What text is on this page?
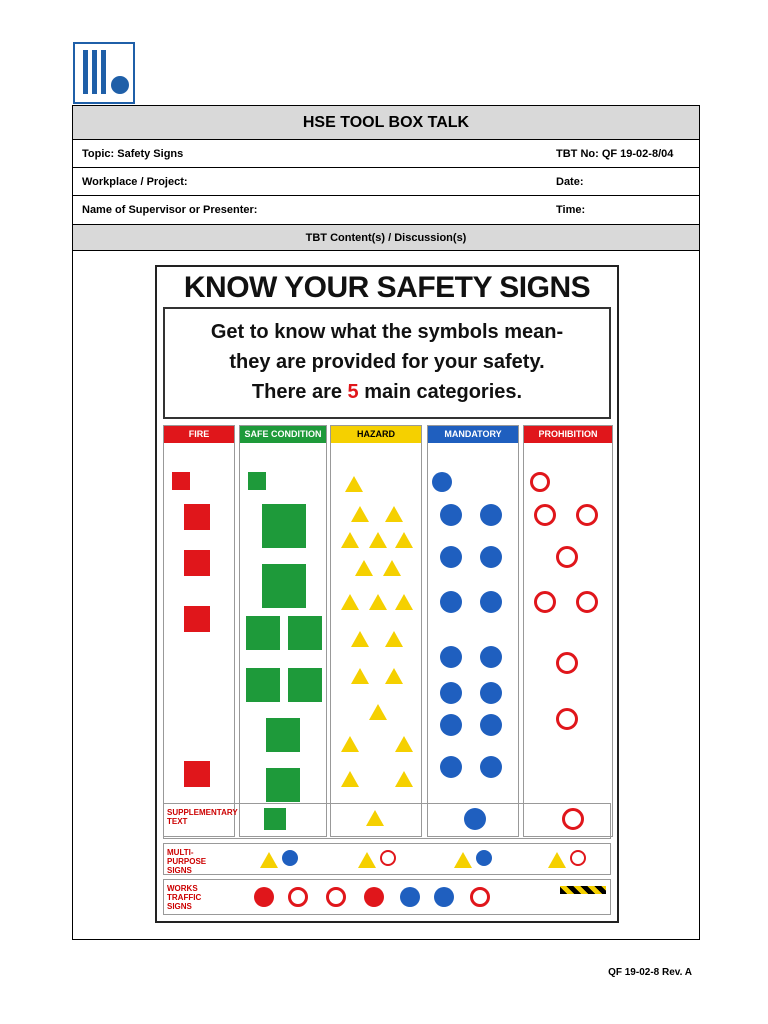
HSE TOOL BOX TALK
Topic: Safety Signs	TBT No: QF 19-02-8/04
Workplace / Project:	Date:
Name of Supervisor or Presenter:	Time:
TBT Content(s) / Discussion(s)
KNOW YOUR SAFETY SIGNS
Get to know what the symbols mean-
they are provided for your safety.
There are 5 main categories.
FIRE EQUIPMENT
SAFE CONDITION	HAZARD	MANDATORY	PROHIBITION
SUPPLEMENTARY TEXT
MULTI-PURPOSE SIGNS
WORKS TRAFFIC SIGNS
QF 19-02-8 Rev. A
